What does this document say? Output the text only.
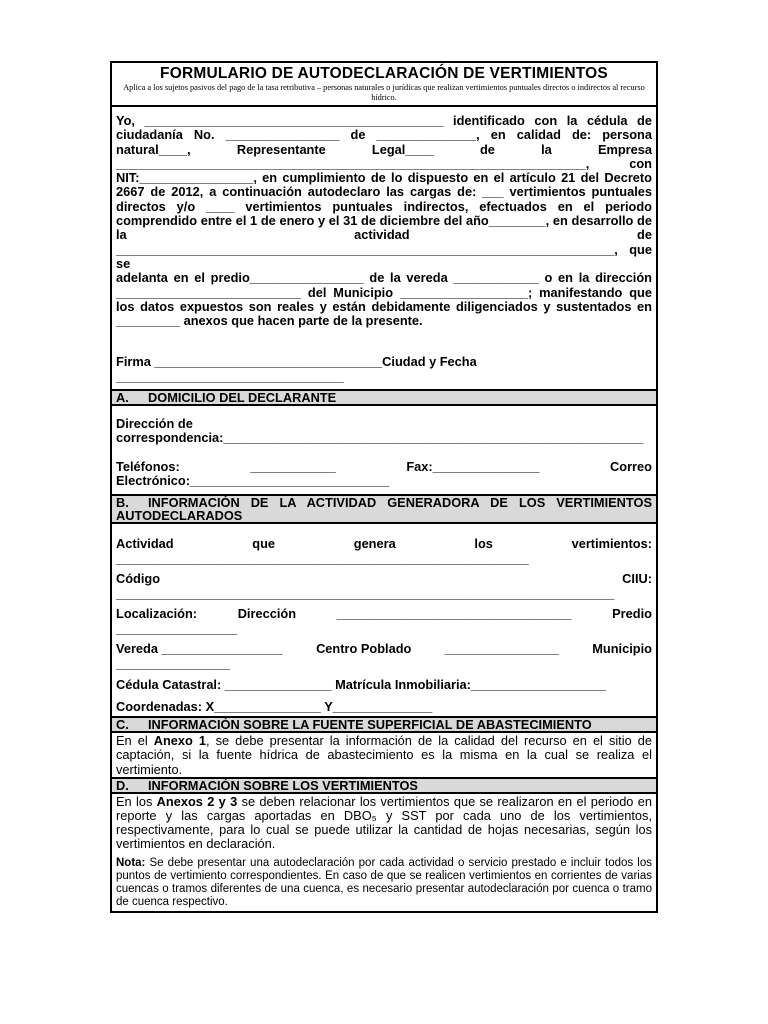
FORMULARIO DE AUTODECLARACIÓN DE VERTIMIENTOS
Aplica a los sujetos pasivos del pago de la tasa retributiva – personas naturales o jurídicas que realizan vertimientos puntuales directos o indirectos al recurso hídrico.
Yo, __________________________________________ identificado con la cédula de
ciudadanía No. ________________ de ______________, en calidad de: persona
natural____, Representante Legal____ de la Empresa
__________________________________________________________________, con
NIT:________________, en cumplimiento de lo dispuesto en el artículo 21 del Decreto
2667 de 2012, a continuación autodeclaro las cargas de: ___ vertimientos puntuales
directos y/o ____ vertimientos puntuales indirectos, efectuados en el periodo
comprendido entre el 1 de enero y el 31 de diciembre del año________, en desarrollo de
la actividad de
______________________________________________________________________, que se
adelanta en el predio________________ de la vereda ____________ o en la dirección
__________________________ del Municipio __________________; manifestando que
los datos expuestos son reales y están debidamente diligenciados y sustentados en
_________ anexos que hacen parte de la presente.
Firma ________________________________Ciudad y Fecha
________________________________
A. DOMICILIO DEL DECLARANTE
Dirección de
correspondencia:___________________________________________________________
Teléfonos:	____________	Fax:_______________	Correo
Electrónico:____________________________
B. INFORMACIÓN DE LA ACTIVIDAD GENERADORA DE LOS VERTIMIENTOS AUTODECLARADOS
Actividad	que	genera	los	vertimientos:
__________________________________________________________
Código	CIIU:
______________________________________________________________________
Localización:	Dirección	_________________________________	Predio
_________________
Vereda _________________	Centro Poblado	________________	Municipio
________________
Cédula Catastral: _______________ Matrícula Inmobiliaria:___________________
Coordenadas: X_______________ Y______________
C. INFORMACIÓN SOBRE LA FUENTE SUPERFICIAL DE ABASTECIMIENTO
En el Anexo 1, se debe presentar la información de la calidad del recurso en el sitio de captación, si la fuente hídrica de abastecimiento es la misma en la cual se realiza el vertimiento.
D. INFORMACIÓN SOBRE LOS VERTIMIENTOS
En los Anexos 2 y 3 se deben relacionar los vertimientos que se realizaron en el periodo en reporte y las cargas aportadas en DBO₅ y SST por cada uno de los vertimientos, respectivamente, para lo cual se puede utilizar la cantidad de hojas necesarias, según los vertimientos en declaración.
Nota: Se debe presentar una autodeclaración por cada actividad o servicio prestado e incluir todos los puntos de vertimiento correspondientes. En caso de que se realicen vertimientos en corrientes de varias cuencas o tramos diferentes de una cuenca, es necesario presentar autodeclaración por cuenca o tramo de cuenca respectivo.
